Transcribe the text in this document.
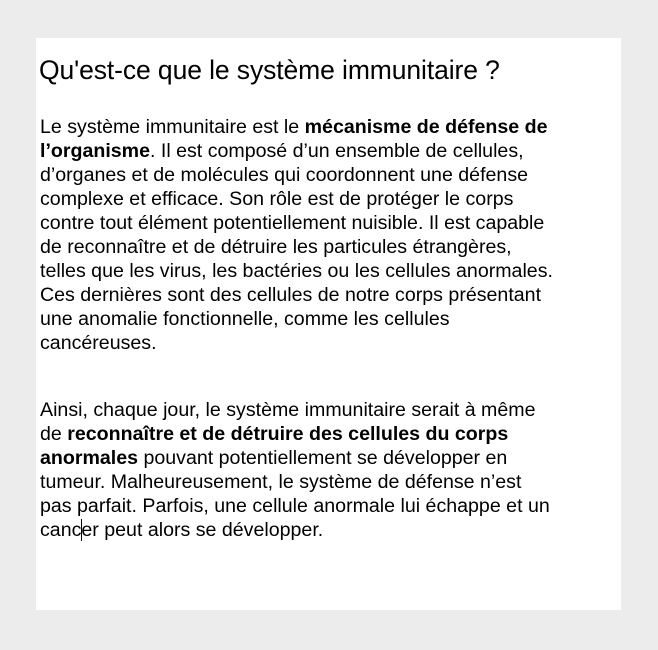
Qu'est-ce que le système immunitaire ?
Le système immunitaire est le mécanisme de défense de
l’organisme. Il est composé d’un ensemble de cellules,
d’organes et de molécules qui coordonnent une défense
complexe et efficace. Son rôle est de protéger le corps
contre tout élément potentiellement nuisible. Il est capable
de reconnaître et de détruire les particules étrangères,
telles que les virus, les bactéries ou les cellules anormales.
Ces dernières sont des cellules de notre corps présentant
une anomalie fonctionnelle, comme les cellules
cancéreuses.
Ainsi, chaque jour, le système immunitaire serait à même
de reconnaître et de détruire des cellules du corps
anormales pouvant potentiellement se développer en
tumeur. Malheureusement, le système de défense n’est
pas parfait. Parfois, une cellule anormale lui échappe et un
cancer peut alors se développer.
